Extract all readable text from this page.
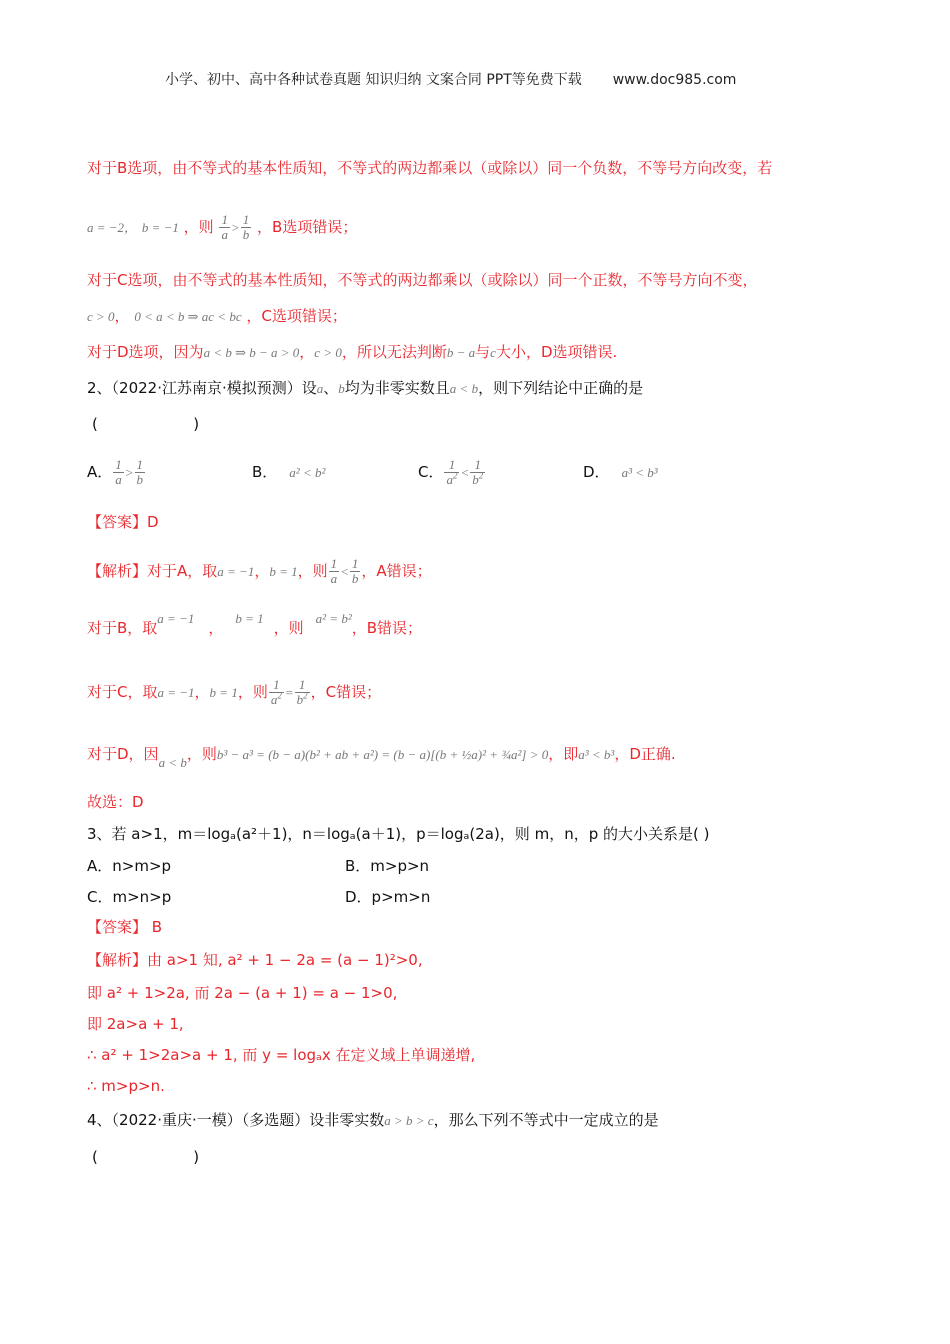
小学、初中、高中各种试卷真题 知识归纳 文案合同 PPT等免费下载 www.doc985.com
对于B选项，由不等式的基本性质知，不等式的两边都乘以（或除以）同一个负数，不等号方向改变，若
a = −2， b = −1 ，则 $\frac{1}{a} > \frac{1}{b}$ ，B选项错误；
对于C选项，由不等式的基本性质知，不等式的两边都乘以（或除以）同一个正数，不等号方向不变，
c > 0， 0 < a < b ⇒ ac < bc ，C选项错误；
对于D选项，因为a < b ⇒ b − a > 0，c > 0，所以无法判断b − a与c大小，D选项错误.
2、（2022·江苏南京·模拟预测）设a、b均为非零实数且a < b，则下列结论中正确的是
(                    )
A． $\frac{1}{a} > \frac{1}{b}$	B． a² < b²	C． $\frac{1}{a^2} < \frac{1}{b^2}$	D． a³ < b³
【答案】D
【解析】对于A，取a = −1，b = 1，则 $\frac{1}{a} < \frac{1}{b}$ ，A错误；
对于B，取a = −1，b = 1，则a² = b²，B错误；
对于C，取a = −1，b = 1，则 $\frac{1}{a^2} = \frac{1}{b^2}$ ，C错误；
对于D，因a < b，则b³ − a³ = (b − a)(b² + ab + a²) = (b − a)[(b + ½a)² + ¾a²] > 0，即a³ < b³，D正确.
故选：D
3、若 a>1，m＝logₐ(a²＋1)，n＝logₐ(a＋1)，p＝logₐ(2a)，则 m，n，p 的大小关系是( )
A．n>m>p	B．m>p>n
C．m>n>p	D．p>m>n
【答案】 B
【解析】由 a>1 知, a² + 1 − 2a = (a − 1)²>0,
即 a² + 1>2a, 而 2a − (a + 1) = a − 1>0,
即 2a>a + 1,
∴ a² + 1>2a>a + 1, 而 y = logₐx 在定义域上单调递增,
∴ m>p>n.
4、（2022·重庆·一模）（多选题）设非零实数a > b > c，那么下列不等式中一定成立的是
(                    )
